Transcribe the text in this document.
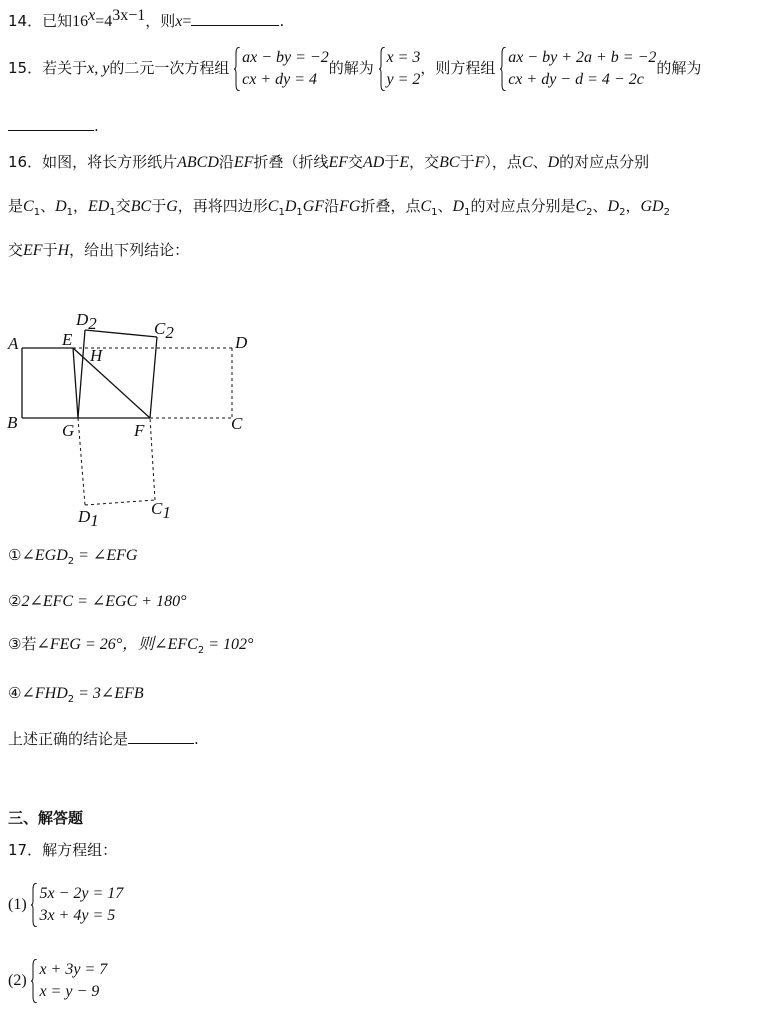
14．已知$16^x=4^{3x-1}$，则x=	.
15．若关于x, y的二元一次方程组
ax − by = −2
cx + dy = 4
的解为
x = 3
y = 2
，则方程组
ax − by + 2a + b = −2
cx + dy − d = 4 − 2c
的解为
.
16．如图，将长方形纸片ABCD沿EF折叠（折线EF交AD于E，交BC于F），点C、D的对应点分别
是$C_1$、$D_1$，$ED_1$交BC于G，再将四边形$C_1D_1GF$沿FG折叠，点$C_1$、$D_1$的对应点分别是$C_2$、$D_2$，$GD_2$
交EF于H，给出下列结论：
A
B
E
H
G	F
D
C
D2	C2
D1
C1
$①\angle EGD_2$ = ∠EFG
②2∠EFC = ∠EGC + 180°
③若∠FEG = 26°，则$\angle EFC_2 = 102^\circ$
$④\angle FHD_2$ = 3∠EFB
上述正确的结论是	.
三、解答题
17．解方程组：
(1)
5x − 2y = 17
3x + 4y = 5
(2)
x + 3y = 7
x = y − 9
